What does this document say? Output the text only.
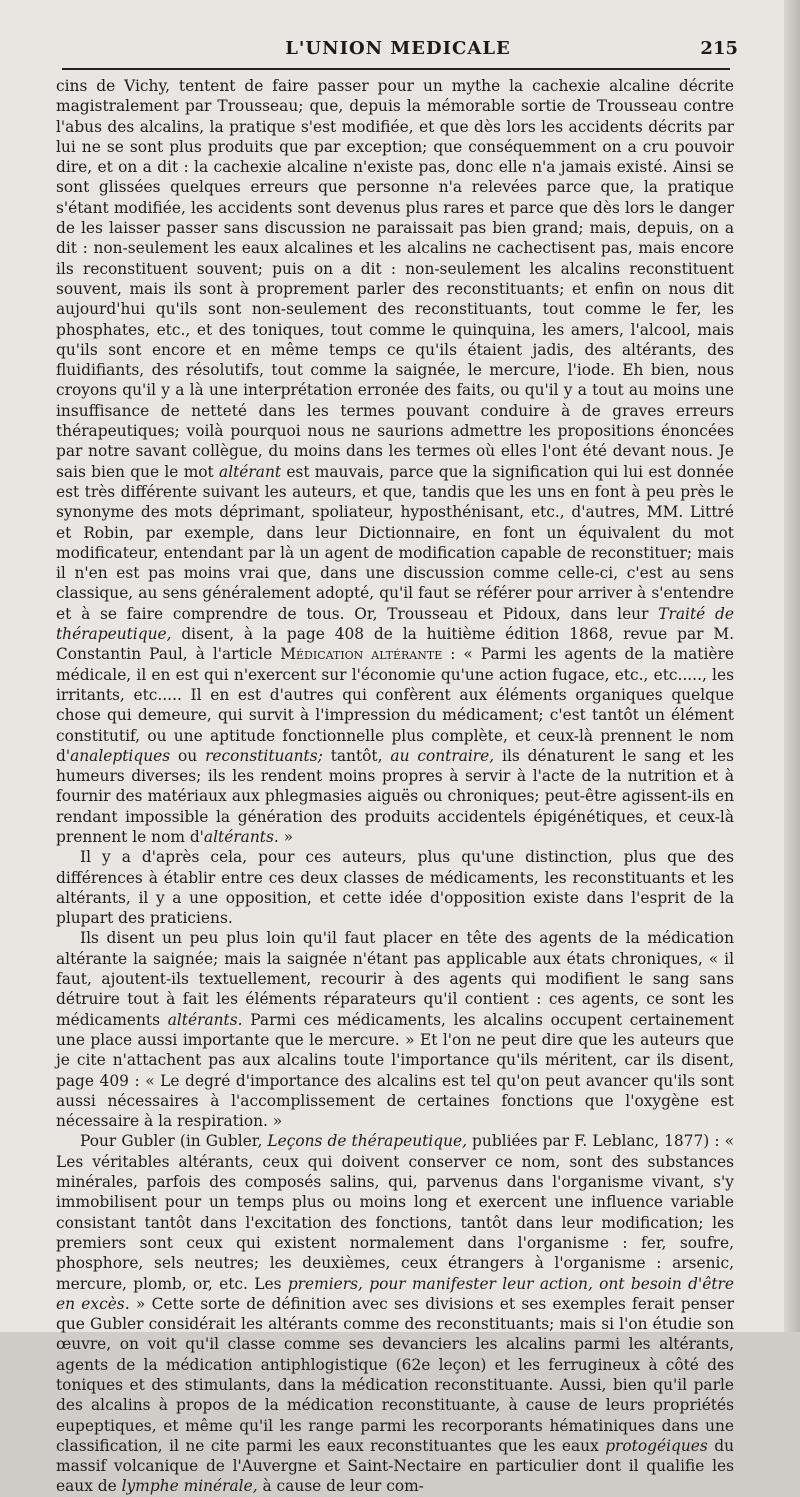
L'UNION MEDICALE	215

cins de Vichy, tentent de faire passer pour un mythe la cachexie alcaline décrite magistralement par Trousseau; que, depuis la mémorable sortie de Trousseau contre l'abus des alcalins, la pratique s'est modifiée, et que dès lors les accidents décrits par lui ne se sont plus produits que par exception; que conséquemment on a cru pouvoir dire, et on a dit : la cachexie alcaline n'existe pas, donc elle n'a jamais existé. Ainsi se sont glissées quelques erreurs que personne n'a relevées parce que, la pratique s'étant modifiée, les accidents sont devenus plus rares et parce que dès lors le danger de les laisser passer sans discussion ne paraissait pas bien grand; mais, depuis, on a dit : non-seulement les eaux alcalines et les alcalins ne cachectisent pas, mais encore ils reconstituent souvent; puis on a dit : non-seulement les alcalins reconstituent souvent, mais ils sont à proprement parler des reconstituants; et enfin on nous dit aujourd'hui qu'ils sont non-seulement des reconstituants, tout comme le fer, les phosphates, etc., et des toniques, tout comme le quinquina, les amers, l'alcool, mais qu'ils sont encore et en même temps ce qu'ils étaient jadis, des altérants, des fluidifiants, des résolutifs, tout comme la saignée, le mercure, l'iode. Eh bien, nous croyons qu'il y a là une interprétation erronée des faits, ou qu'il y a tout au moins une insuffisance de netteté dans les termes pouvant conduire à de graves erreurs thérapeutiques; voilà pourquoi nous ne saurions admettre les propositions énoncées par notre savant collègue, du moins dans les termes où elles l'ont été devant nous. Je sais bien que le mot altérant est mauvais, parce que la signification qui lui est donnée est très différente suivant les auteurs, et que, tandis que les uns en font à peu près le synonyme des mots déprimant, spoliateur, hyposthénisant, etc., d'autres, MM. Littré et Robin, par exemple, dans leur Dictionnaire, en font un équivalent du mot modificateur, entendant par là un agent de modification capable de reconstituer; mais il n'en est pas moins vrai que, dans une discussion comme celle-ci, c'est au sens classique, au sens généralement adopté, qu'il faut se référer pour arriver à s'entendre et à se faire comprendre de tous. Or, Trousseau et Pidoux, dans leur Traité de thérapeutique, disent, à la page 408 de la huitième édition 1868, revue par M. Constantin Paul, à l'article Médication altérante : « Parmi les agents de la matière médicale, il en est qui n'exercent sur l'économie qu'une action fugace, etc., etc....., les irritants, etc..... Il en est d'autres qui confèrent aux éléments organiques quelque chose qui demeure, qui survit à l'impression du médicament; c'est tantôt un élément constitutif, ou une aptitude fonctionnelle plus complète, et ceux-là prennent le nom d'analeptiques ou reconstituants; tantôt, au contraire, ils dénaturent le sang et les humeurs diverses; ils les rendent moins propres à servir à l'acte de la nutrition et à fournir des matériaux aux phlegmasies aiguës ou chroniques; peut-être agissent-ils en rendant impossible la génération des produits accidentels épigénétiques, et ceux-là prennent le nom d'altérants. »

Il y a d'après cela, pour ces auteurs, plus qu'une distinction, plus que des différences à établir entre ces deux classes de médicaments, les reconstituants et les altérants, il y a une opposition, et cette idée d'opposition existe dans l'esprit de la plupart des praticiens.

Ils disent un peu plus loin qu'il faut placer en tête des agents de la médication altérante la saignée; mais la saignée n'étant pas applicable aux états chroniques, « il faut, ajoutent-ils textuellement, recourir à des agents qui modifient le sang sans détruire tout à fait les éléments réparateurs qu'il contient : ces agents, ce sont les médicaments altérants. Parmi ces médicaments, les alcalins occupent certainement une place aussi importante que le mercure. » Et l'on ne peut dire que les auteurs que je cite n'attachent pas aux alcalins toute l'importance qu'ils méritent, car ils disent, page 409 : « Le degré d'importance des alcalins est tel qu'on peut avancer qu'ils sont aussi nécessaires à l'accomplissement de certaines fonctions que l'oxygène est nécessaire à la respiration. »

Pour Gubler (in Gubler, Leçons de thérapeutique, publiées par F. Leblanc, 1877) : « Les véritables altérants, ceux qui doivent conserver ce nom, sont des substances minérales, parfois des composés salins, qui, parvenus dans l'organisme vivant, s'y immobilisent pour un temps plus ou moins long et exercent une influence variable consistant tantôt dans l'excitation des fonctions, tantôt dans leur modification; les premiers sont ceux qui existent normalement dans l'organisme : fer, soufre, phosphore, sels neutres; les deuxièmes, ceux étrangers à l'organisme : arsenic, mercure, plomb, or, etc. Les premiers, pour manifester leur action, ont besoin d'être en excès. » Cette sorte de définition avec ses divisions et ses exemples ferait penser que Gubler considérait les altérants comme des reconstituants; mais si l'on étudie son œuvre, on voit qu'il classe comme ses devanciers les alcalins parmi les altérants, agents de la médication antiphlogistique (62e leçon) et les ferrugineux à côté des toniques et des stimulants, dans la médication reconstituante. Aussi, bien qu'il parle des alcalins à propos de la médication reconstituante, à cause de leurs propriétés eupeptiques, et même qu'il les range parmi les recorporants hématiniques dans une classification, il ne cite parmi les eaux reconstituantes que les eaux protogéiques du massif volcanique de l'Auvergne et Saint-Nectaire en particulier dont il qualifie les eaux de lymphe minérale, à cause de leur com-
